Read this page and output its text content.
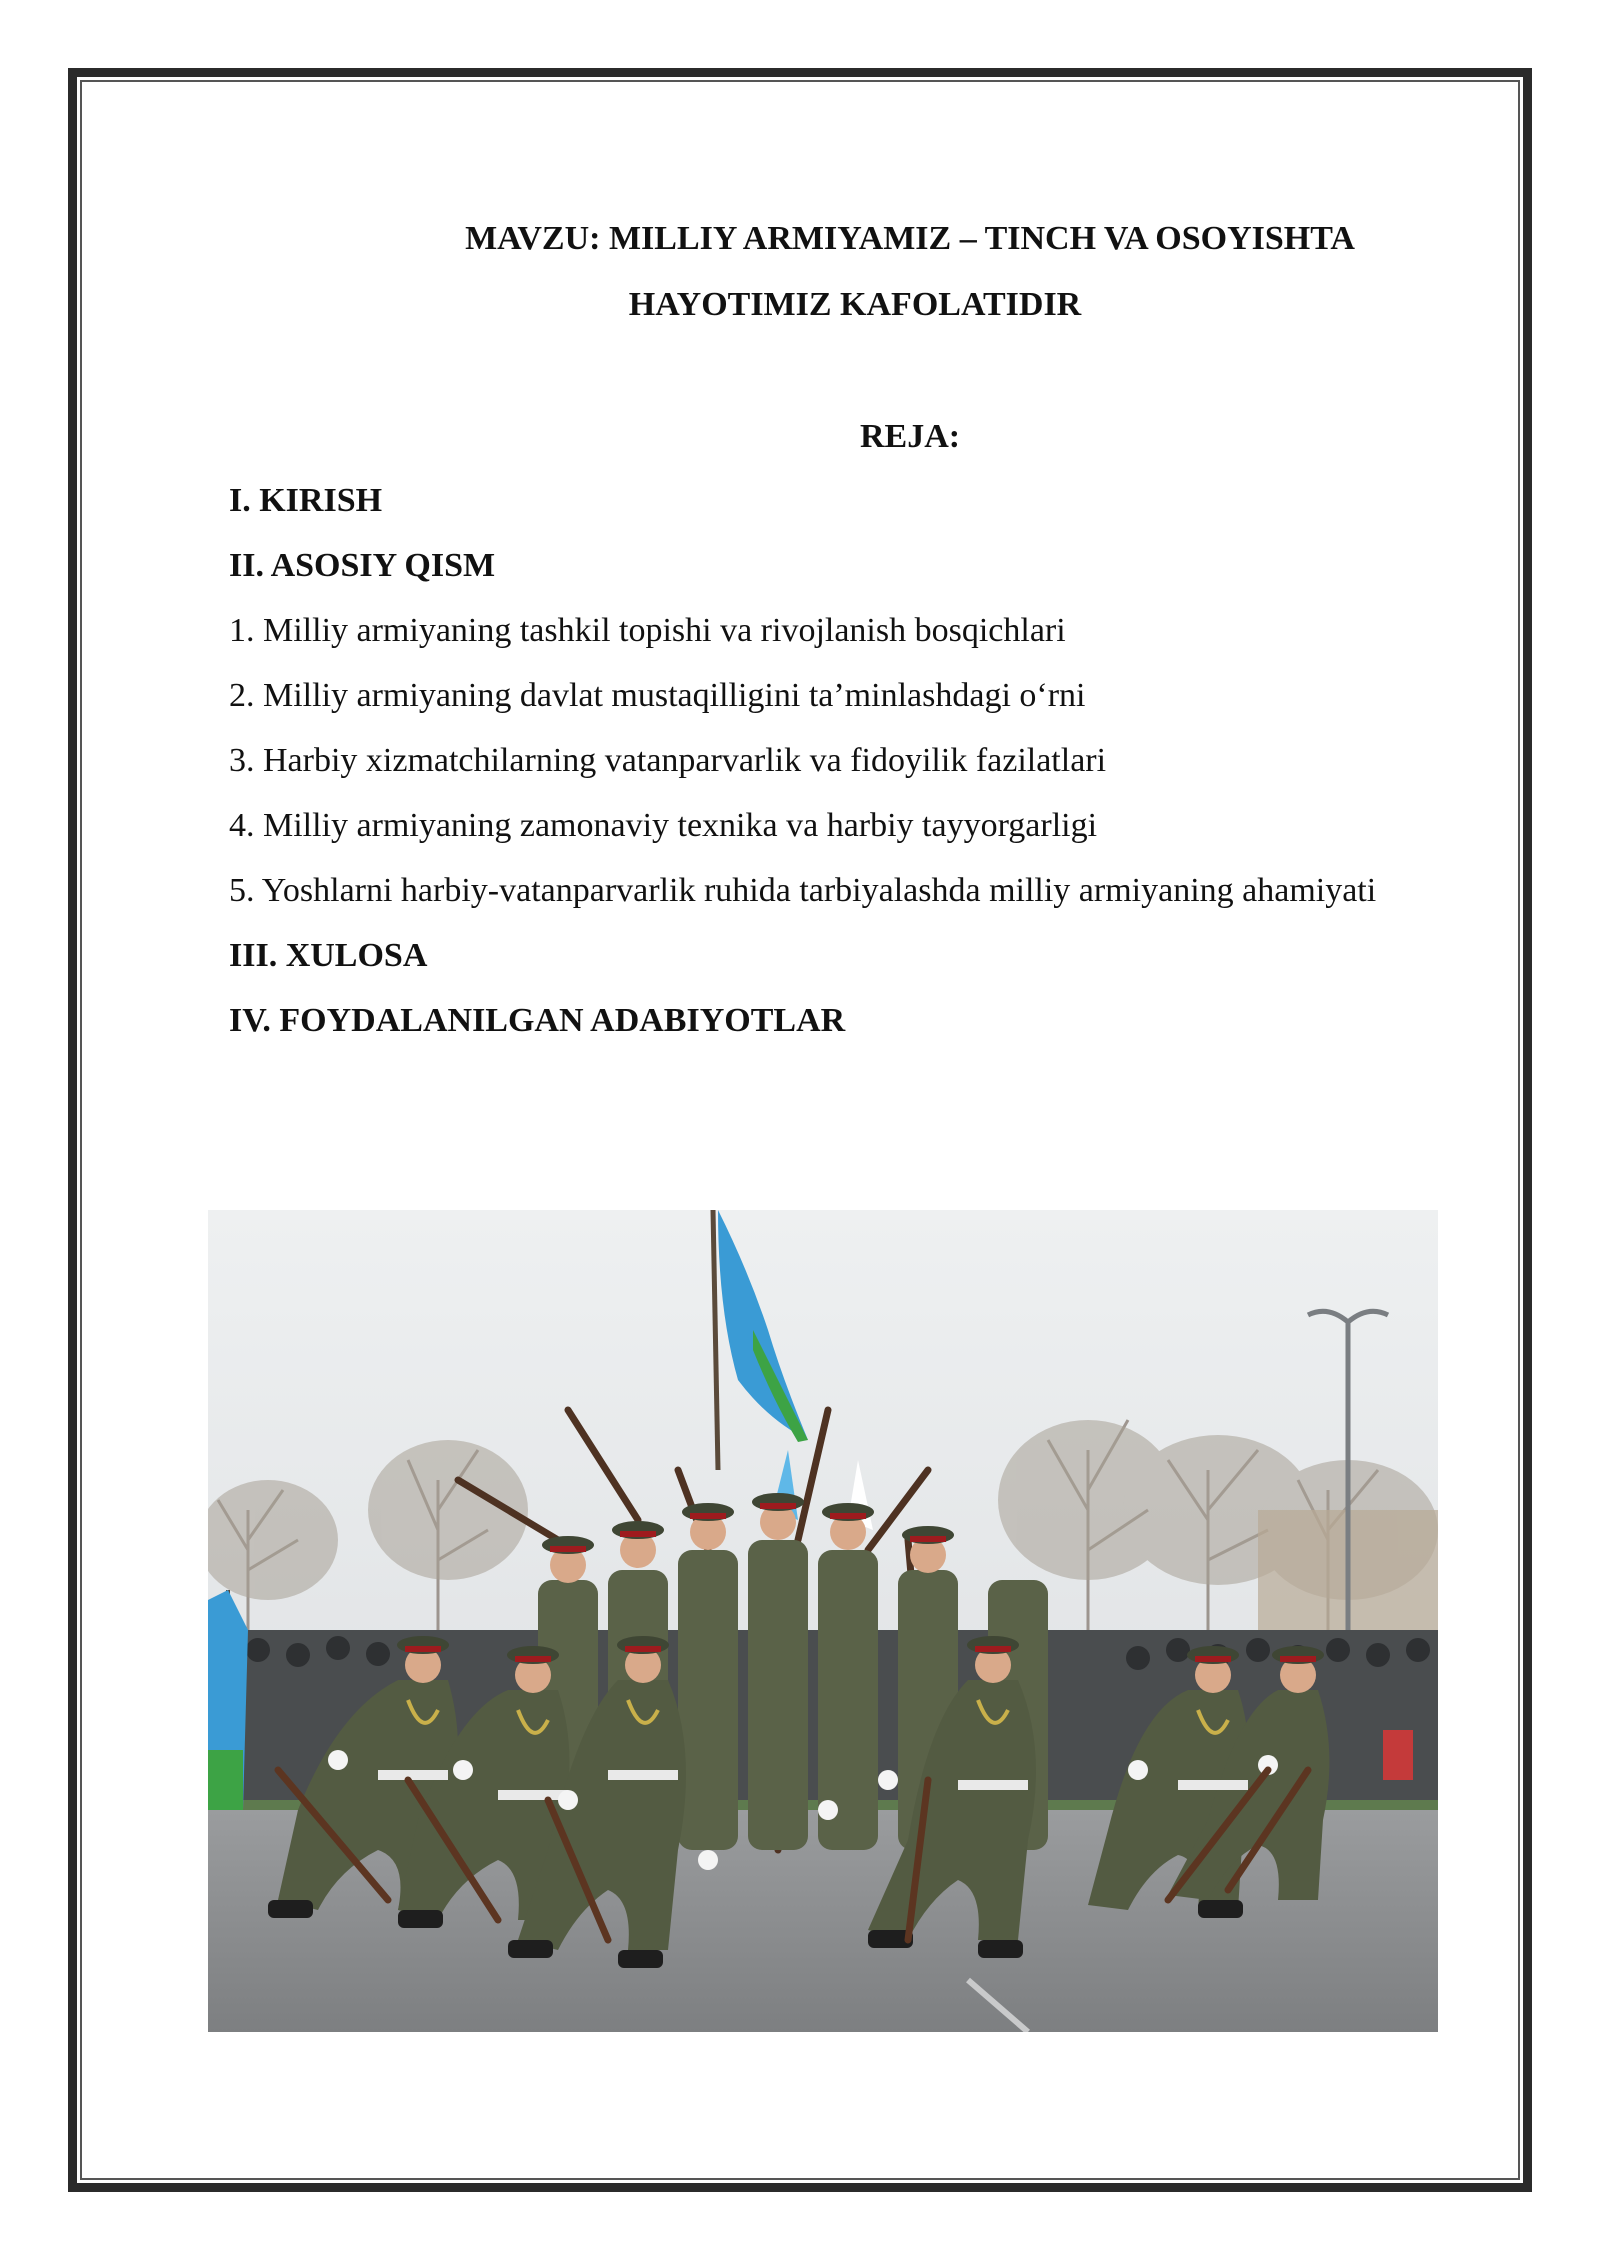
MAVZU: MILLIY ARMIYAMIZ – TINCH VA OSOYISHTA
HAYOTIMIZ KAFOLATIDIR
REJA:
I. KIRISH
II. ASOSIY QISM
1. Milliy armiyaning tashkil topishi va rivojlanish bosqichlari
2. Milliy armiyaning davlat mustaqilligini ta’minlashdagi o‘rni
3. Harbiy xizmatchilarning vatanparvarlik va fidoyilik fazilatlari
4. Milliy armiyaning zamonaviy texnika va harbiy tayyorgarligi
5. Yoshlarni harbiy-vatanparvarlik ruhida tarbiyalashda milliy armiyaning ahamiyati
III. XULOSA
IV. FOYDALANILGAN ADABIYOTLAR
